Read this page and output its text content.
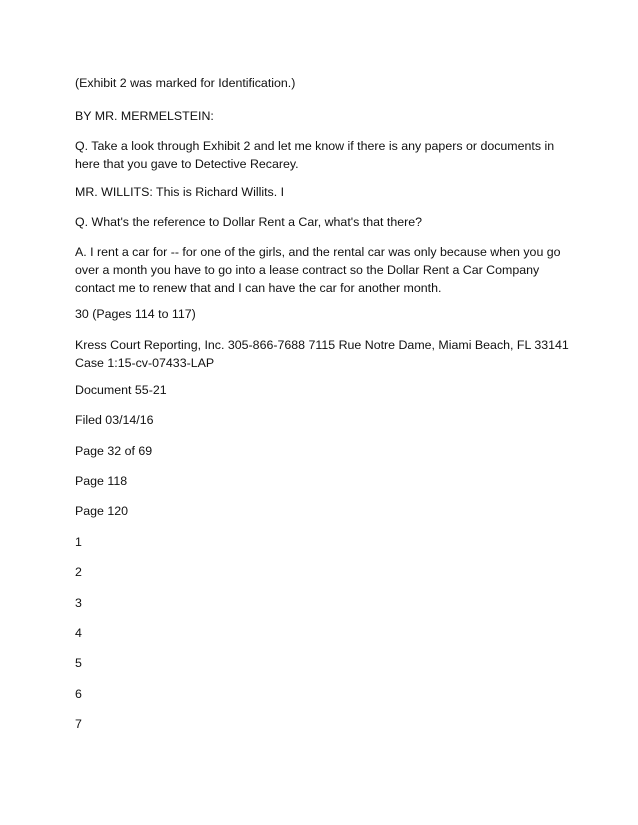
(Exhibit 2 was marked for Identification.)

BY MR. MERMELSTEIN:

Q. Take a look through Exhibit 2 and let me know if there is any papers or documents in here that you gave to Detective Recarey.

MR. WILLITS: This is Richard Willits. I

Q. What's the reference to Dollar Rent a Car, what's that there?

A. I rent a car for -- for one of the girls, and the rental car was only because when you go over a month you have to go into a lease contract so the Dollar Rent a Car Company contact me to renew that and I can have the car for another month.

30 (Pages 114 to 117)

Kress Court Reporting, Inc. 305-866-7688 7115 Rue Notre Dame, Miami Beach, FL 33141 Case 1:15-cv-07433-LAP

Document 55-21

Filed 03/14/16

Page 32 of 69

Page 118

Page 120

1

2

3

4

5

6

7
